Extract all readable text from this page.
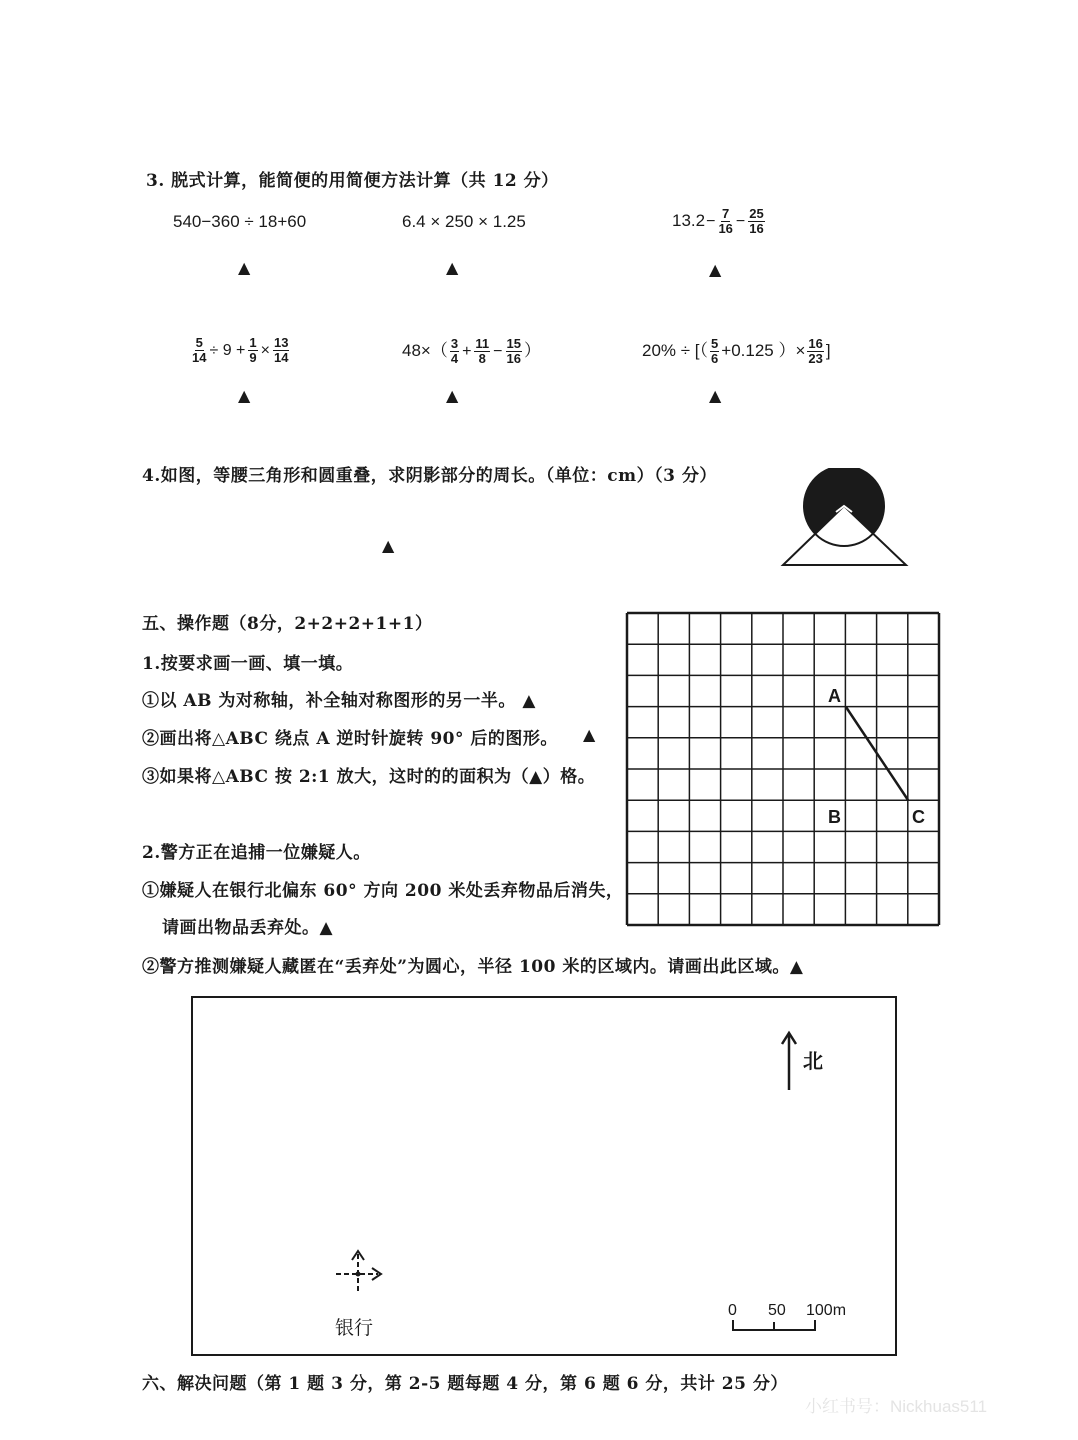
3. 脱式计算，能简便的用简便方法计算（共 12 分）
540−360 ÷ 18+60	6.4 × 250 × 1.25	$13.2- \frac{7}{16} - \frac{25}{16}$
▲	▲	▲
$\frac{5}{14} \div 9 + \frac{1}{9} \times \frac{13}{14}$	$48\times( \frac{3}{4} + \frac{11}{8} - \frac{15}{16}$ ）	20% ÷ [（ $\frac{5}{6} +0.125$ ）× $\frac{16}{23}$ ]
▲	▲	▲
4.如图，等腰三角形和圆重叠，求阴影部分的周长。（单位：cm）（3 分）
▲
五、操作题（8分，2+2+2+1+1）
1.按要求画一画、填一填。
①以 AB 为对称轴，补全轴对称图形的另一半。 ▲
②画出将△ABC 绕点 A 逆时针旋转 90° 后的图形。 ▲
③如果将△ABC 按 2:1 放大，这时的的面积为（▲）格。
A
B	C
2.警方正在追捕一位嫌疑人。
①嫌疑人在银行北偏东 60° 方向 200 米处丢弃物品后消失，
请画出物品丢弃处。▲
②警方推测嫌疑人藏匿在“丢弃处”为圆心，半径 100 米的区域内。请画出此区域。▲
北
银行
0 50 100m
六、解决问题（第 1 题 3 分，第 2-5 题每题 4 分，第 6 题 6 分，共计 25 分）
小红书号：Nickhuas511
